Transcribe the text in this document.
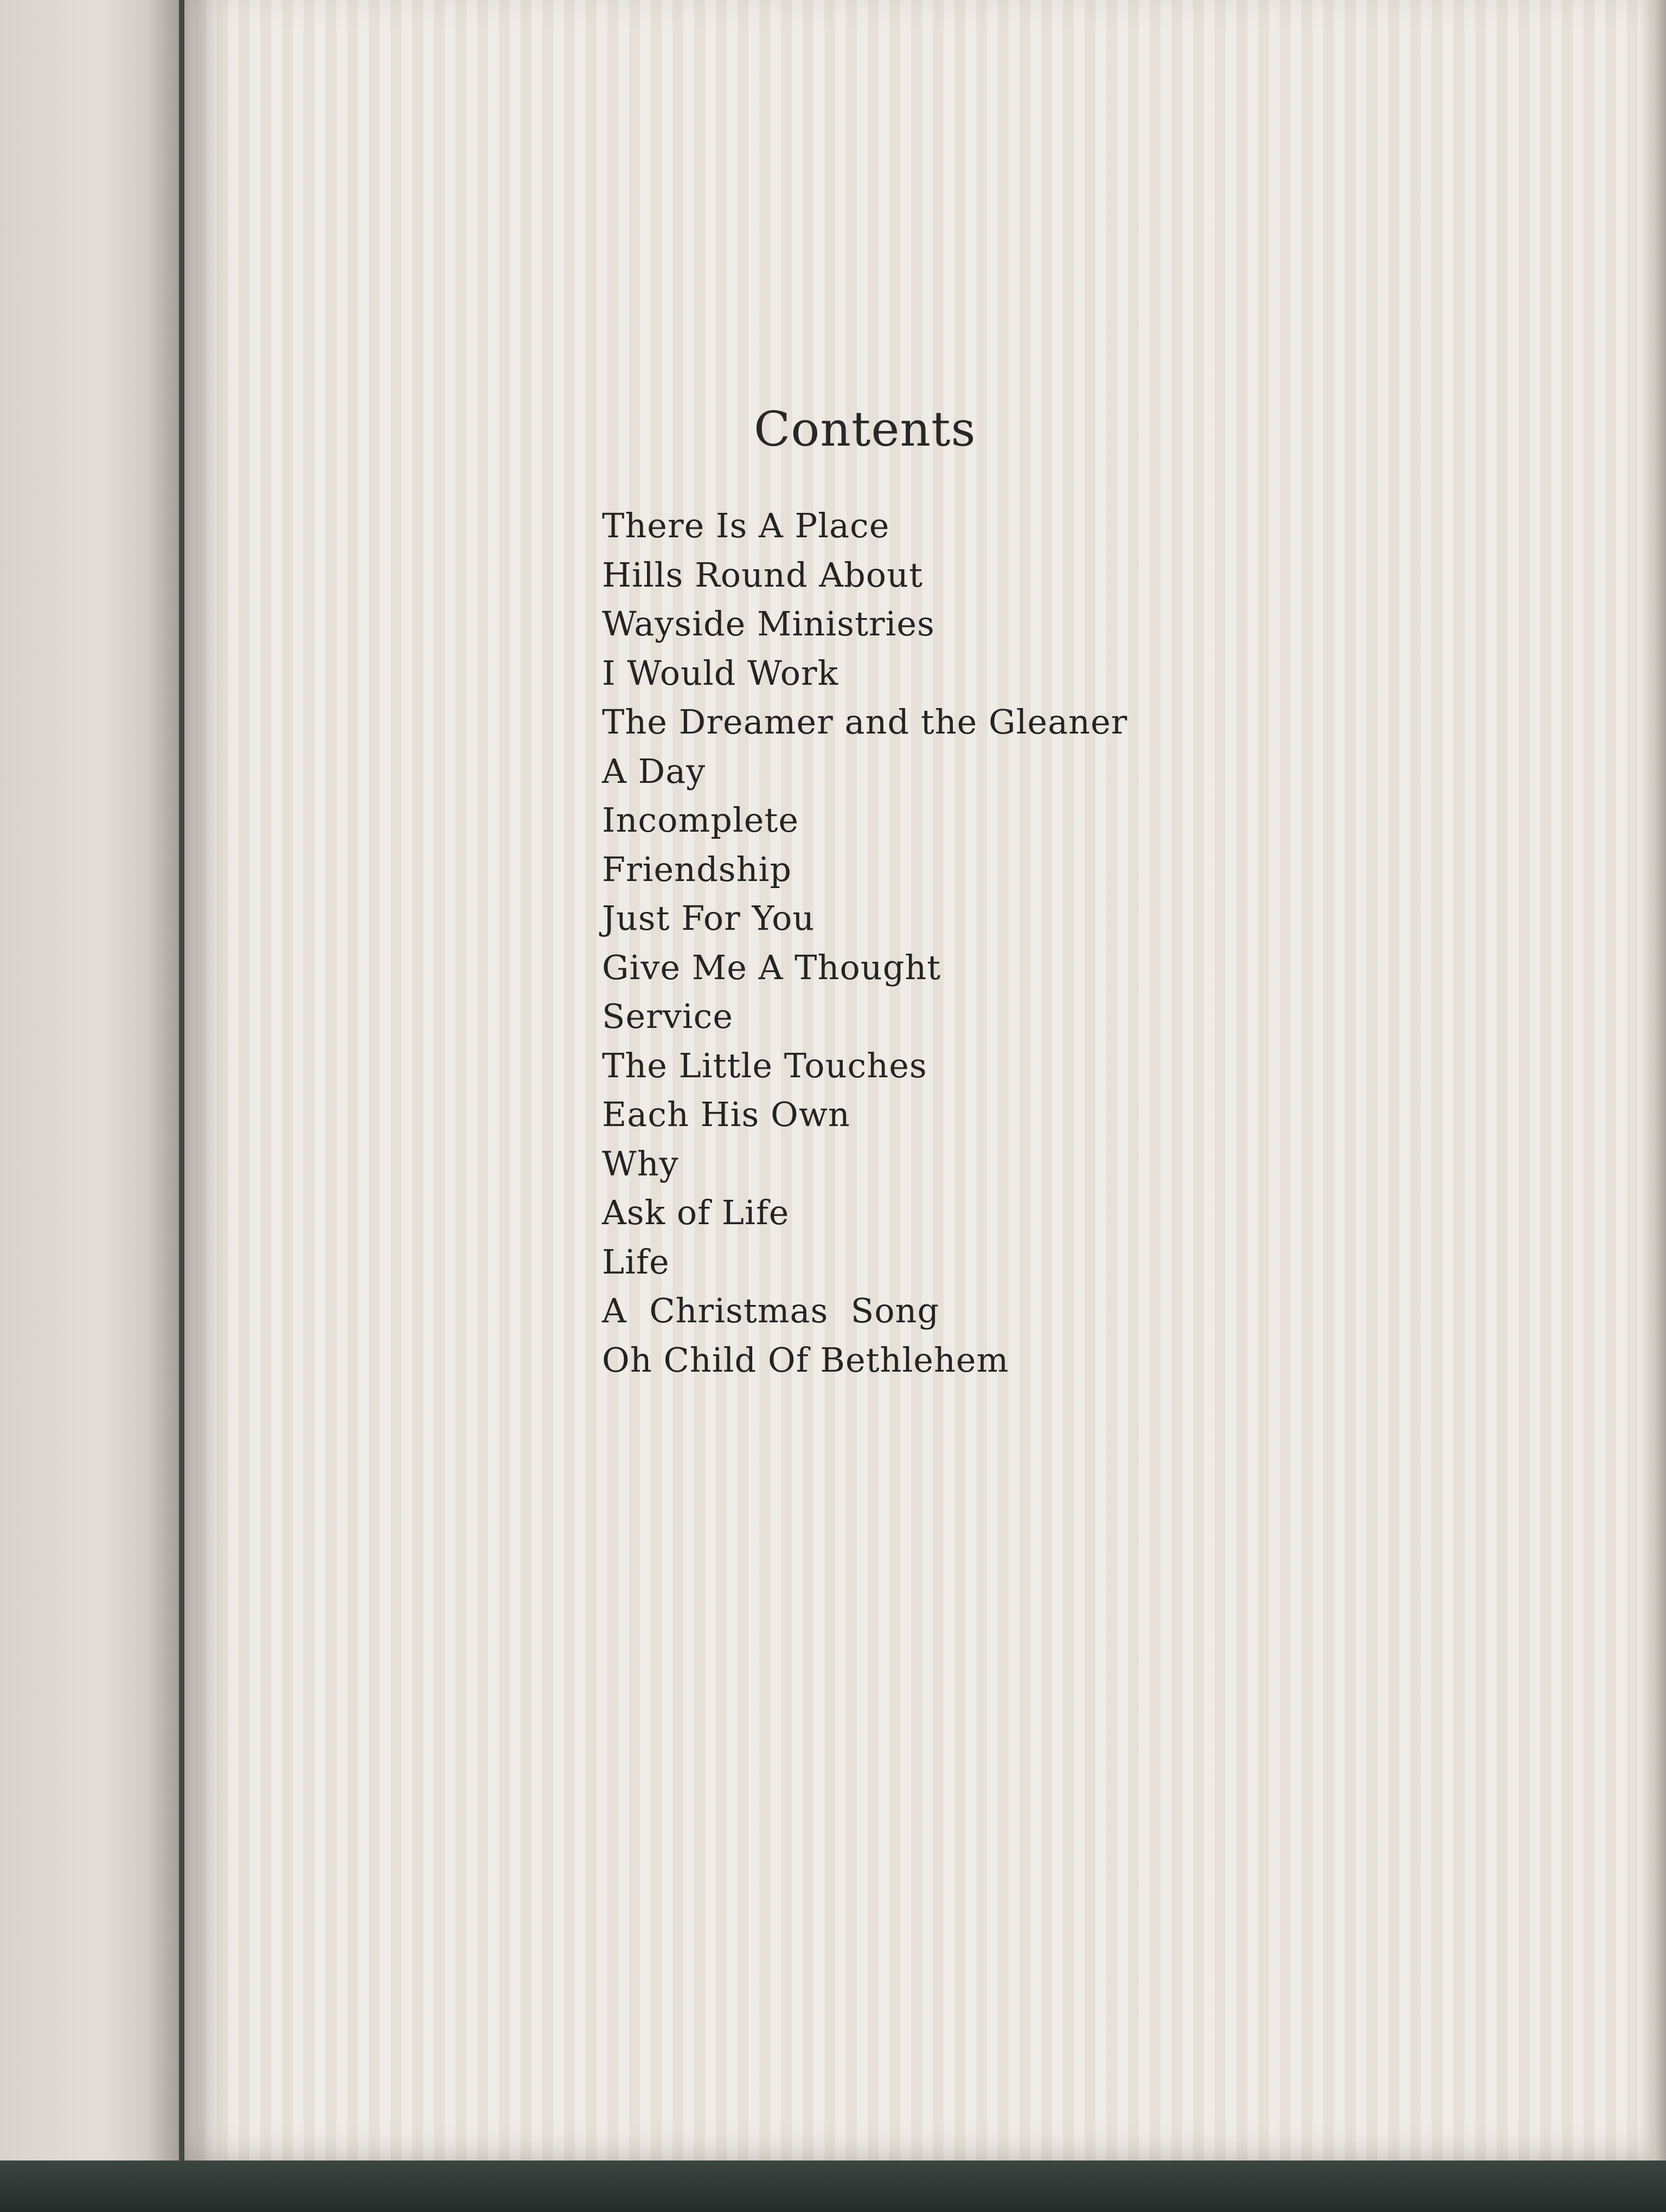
Contents
There Is A Place
Hills Round About
Wayside Ministries
I Would Work
The Dreamer and the Gleaner
A Day
Incomplete
Friendship
Just For You
Give Me A Thought
Service
The Little Touches
Each His Own
Why
Ask of Life
Life
A  Christmas  Song
Oh Child Of Bethlehem
